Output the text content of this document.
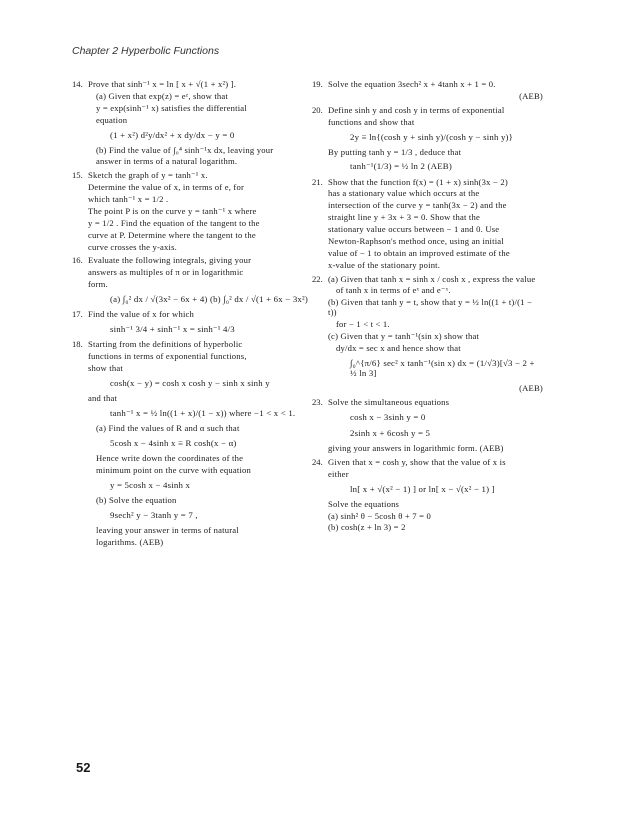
Chapter 2 Hyperbolic Functions
14. Prove that sinh⁻¹ x = ln [ x + √(1 + x²) ].
(a) Given that exp(z) = eᶻ, show that
y = exp(sinh⁻¹ x) satisfies the differential
equation
(1 + x²) d²y/dx² + x dy/dx − y = 0
(b) Find the value of ∫₀⁴ sinh⁻¹x dx, leaving your
answer in terms of a natural logarithm.
15. Sketch the graph of y = tanh⁻¹ x.
Determine the value of x, in terms of e, for
which tanh⁻¹ x = 1/2 .
The point P is on the curve y = tanh⁻¹ x where
y = 1/2 . Find the equation of the tangent to the
curve at P. Determine where the tangent to the
curve crosses the y-axis.
16. Evaluate the following integrals, giving your
answers as multiples of π or in logarithmic
form.
(a) ∫₀² dx / √(3x² − 6x + 4) (b) ∫₀² dx / √(1 + 6x − 3x²)
17. Find the value of x for which
sinh⁻¹ 3/4 + sinh⁻¹ x = sinh⁻¹ 4/3
18. Starting from the definitions of hyperbolic
functions in terms of exponential functions,
show that
cosh(x − y) = cosh x cosh y − sinh x sinh y
and that
tanh⁻¹ x = ½ ln((1 + x)/(1 − x)) where −1 < x < 1.
(a) Find the values of R and α such that
5cosh x − 4sinh x ≡ R cosh(x − α)
Hence write down the coordinates of the
minimum point on the curve with equation
y = 5cosh x − 4sinh x
(b) Solve the equation
9sech² y − 3tanh y = 7 ,
leaving your answer in terms of natural
logarithms. (AEB)
19. Solve the equation 3sech² x + 4tanh x + 1 = 0.
(AEB)
20. Define sinh y and cosh y in terms of exponential
functions and show that
2y ≡ ln{(cosh y + sinh y)/(cosh y − sinh y)}
By putting tanh y = 1/3 , deduce that
tanh⁻¹(1/3) = ½ ln 2 (AEB)
21. Show that the function f(x) = (1 + x) sinh(3x − 2)
has a stationary value which occurs at the
intersection of the curve y = tanh(3x − 2) and the
straight line y + 3x + 3 = 0. Show that the
stationary value occurs between − 1 and 0. Use
Newton-Raphson's method once, using an initial
value of − 1 to obtain an improved estimate of the
x-value of the stationary point.
22. (a) Given that tanh x = sinh x / cosh x , express the value
of tanh x in terms of eˣ and e⁻ˣ.
(b) Given that tanh y = t, show that y = ½ ln((1 + t)/(1 − t))
for − 1 < t < 1.
(c) Given that y = tanh⁻¹(sin x) show that
dy/dx = sec x and hence show that
∫₀^{π/6} sec² x tanh⁻¹(sin x) dx = (1/√3)[√3 − 2 + ½ ln 3]
(AEB)
23. Solve the simultaneous equations
cosh x − 3sinh y = 0
2sinh x + 6cosh y = 5
giving your answers in logarithmic form. (AEB)
24. Given that x = cosh y, show that the value of x is
either
ln[ x + √(x² − 1) ] or ln[ x − √(x² − 1) ]
Solve the equations
(a) sinh² θ − 5cosh θ + 7 = 0
(b) cosh(z + ln 3) = 2
52
